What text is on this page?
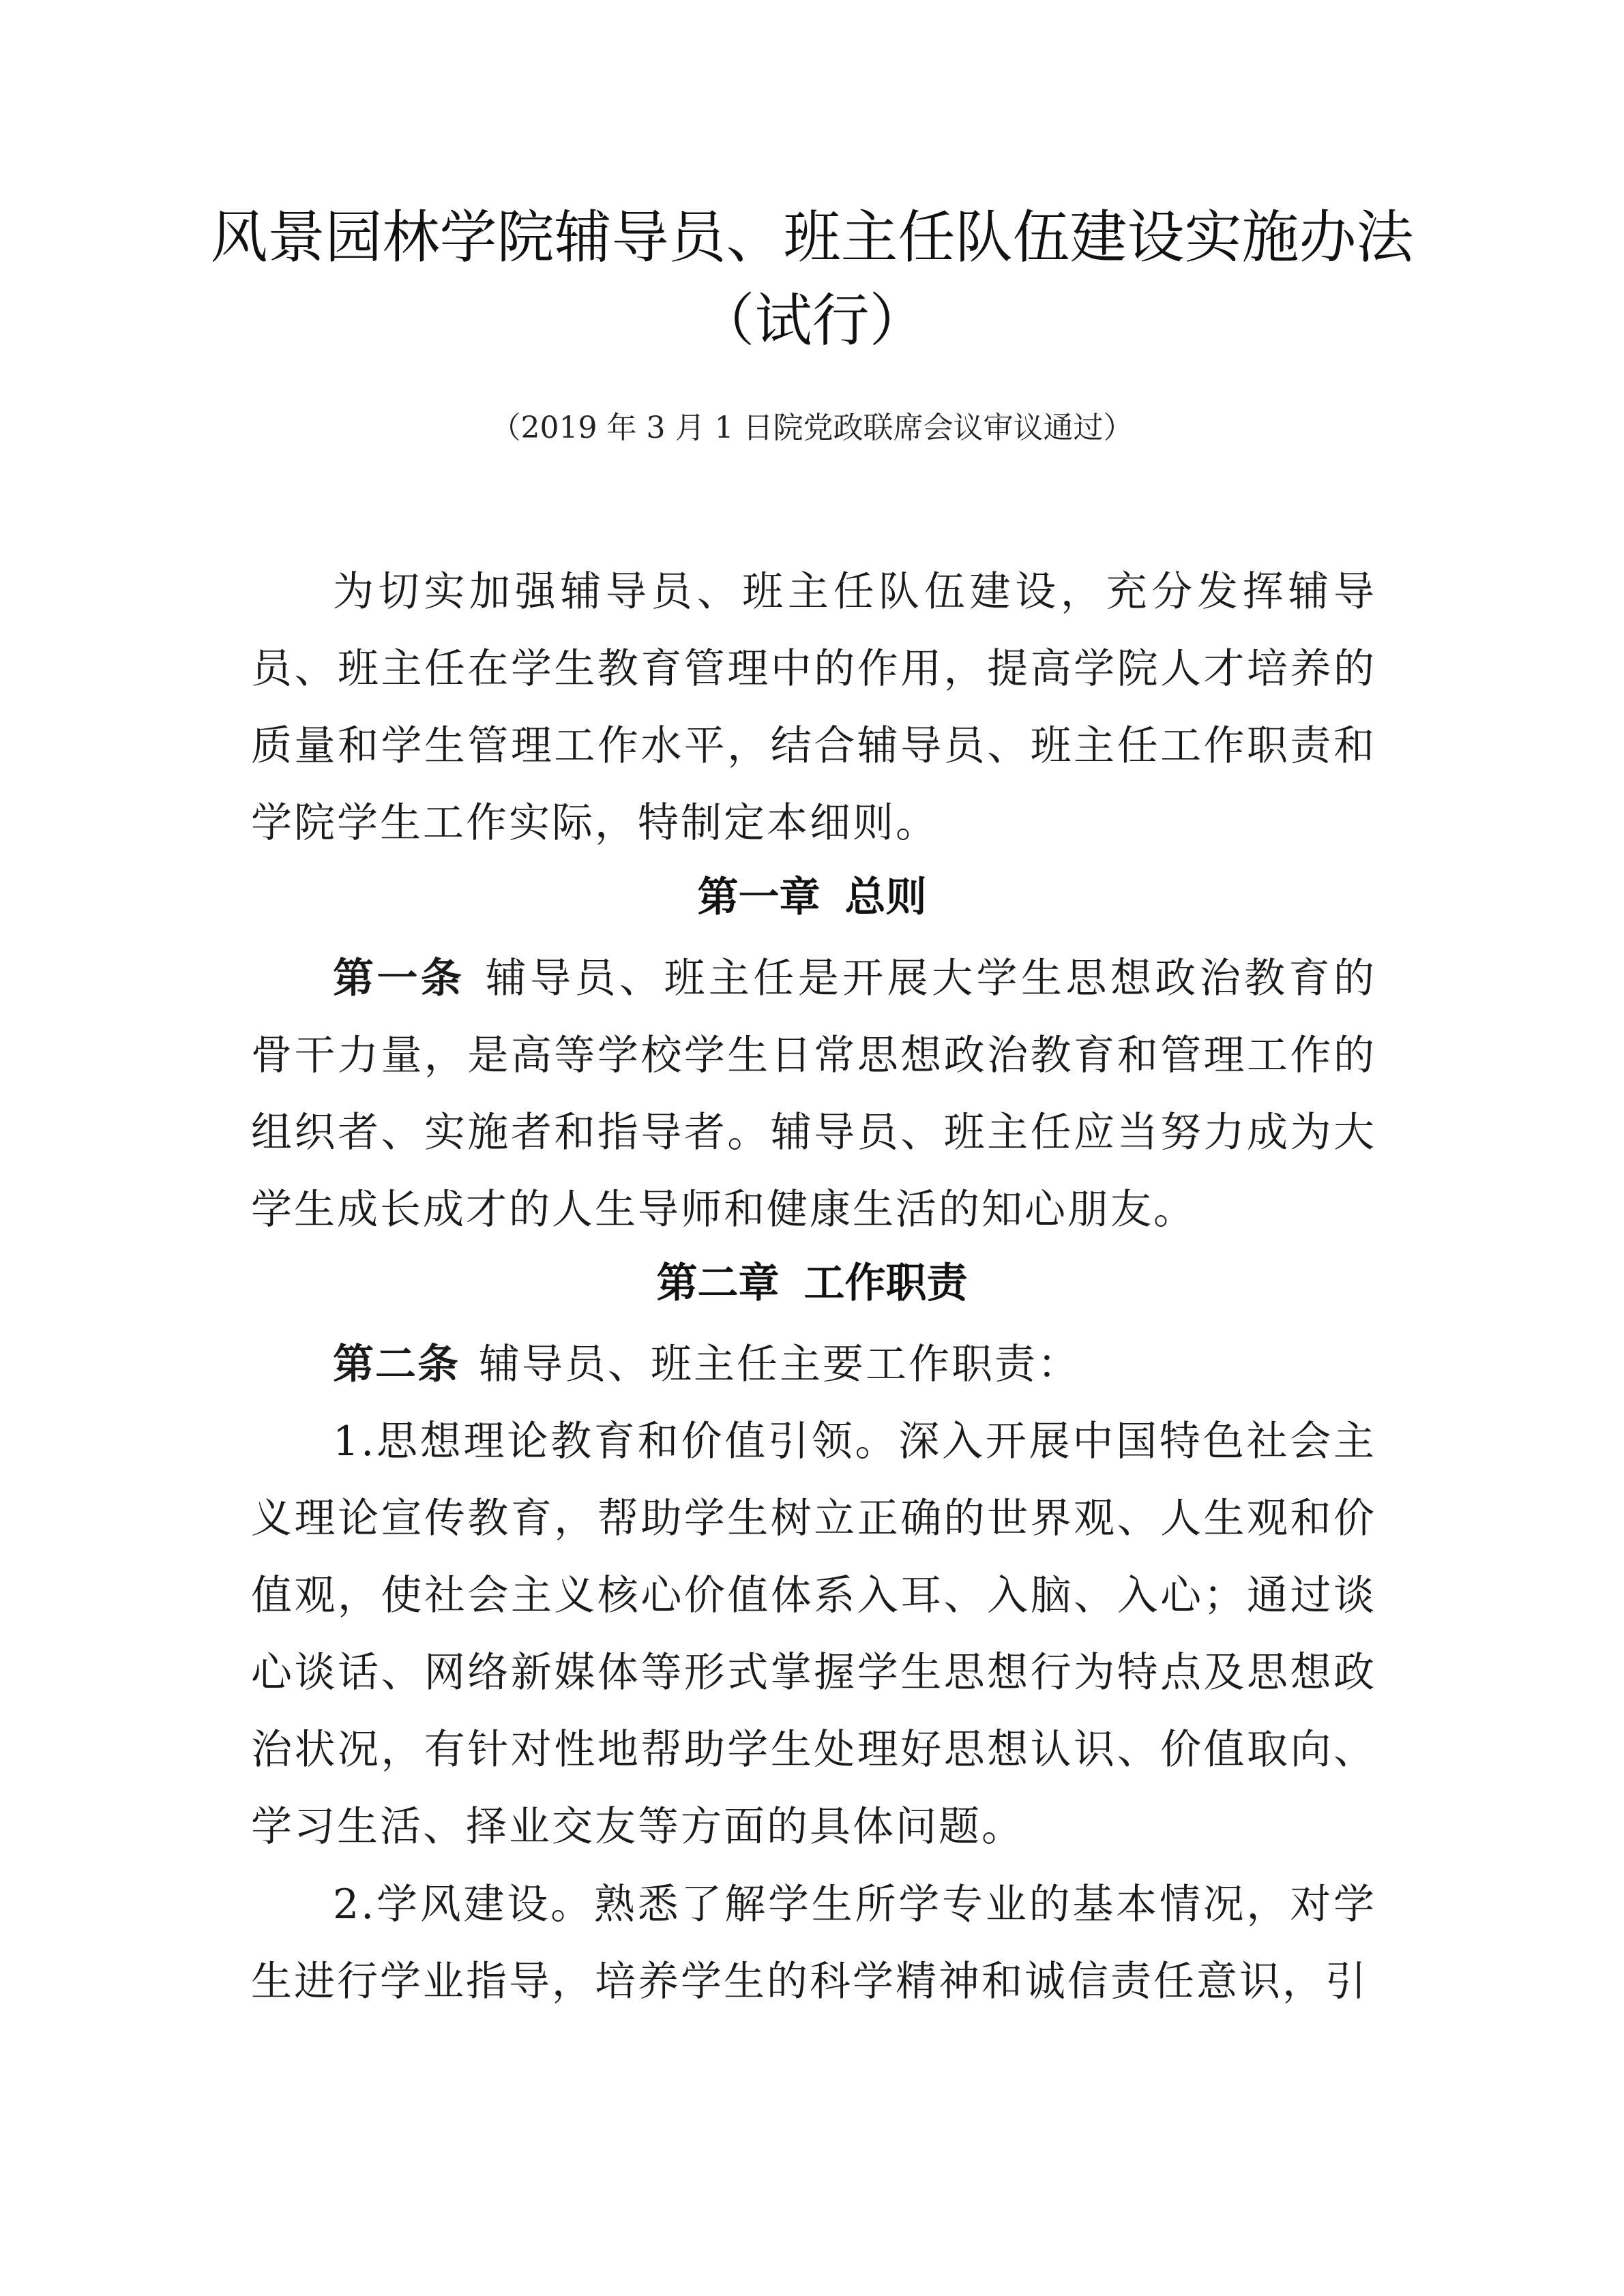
风景园林学院辅导员、班主任队伍建设实施办法
（试行）
（2019 年 3 月 1 日院党政联席会议审议通过）

为切实加强辅导员、班主任队伍建设，充分发挥辅导员、班主任在学生教育管理中的作用，提高学院人才培养的质量和学生管理工作水平，结合辅导员、班主任工作职责和学院学生工作实际，特制定本细则。

第一章 总则

第一条 辅导员、班主任是开展大学生思想政治教育的骨干力量，是高等学校学生日常思想政治教育和管理工作的组织者、实施者和指导者。辅导员、班主任应当努力成为大学生成长成才的人生导师和健康生活的知心朋友。

第二章 工作职责

第二条 辅导员、班主任主要工作职责：

1.思想理论教育和价值引领。深入开展中国特色社会主义理论宣传教育，帮助学生树立正确的世界观、人生观和价值观，使社会主义核心价值体系入耳、入脑、入心；通过谈心谈话、网络新媒体等形式掌握学生思想行为特点及思想政治状况，有针对性地帮助学生处理好思想认识、价值取向、学习生活、择业交友等方面的具体问题。

2.学风建设。熟悉了解学生所学专业的基本情况，对学生进行学业指导，培养学生的科学精神和诚信责任意识，引
